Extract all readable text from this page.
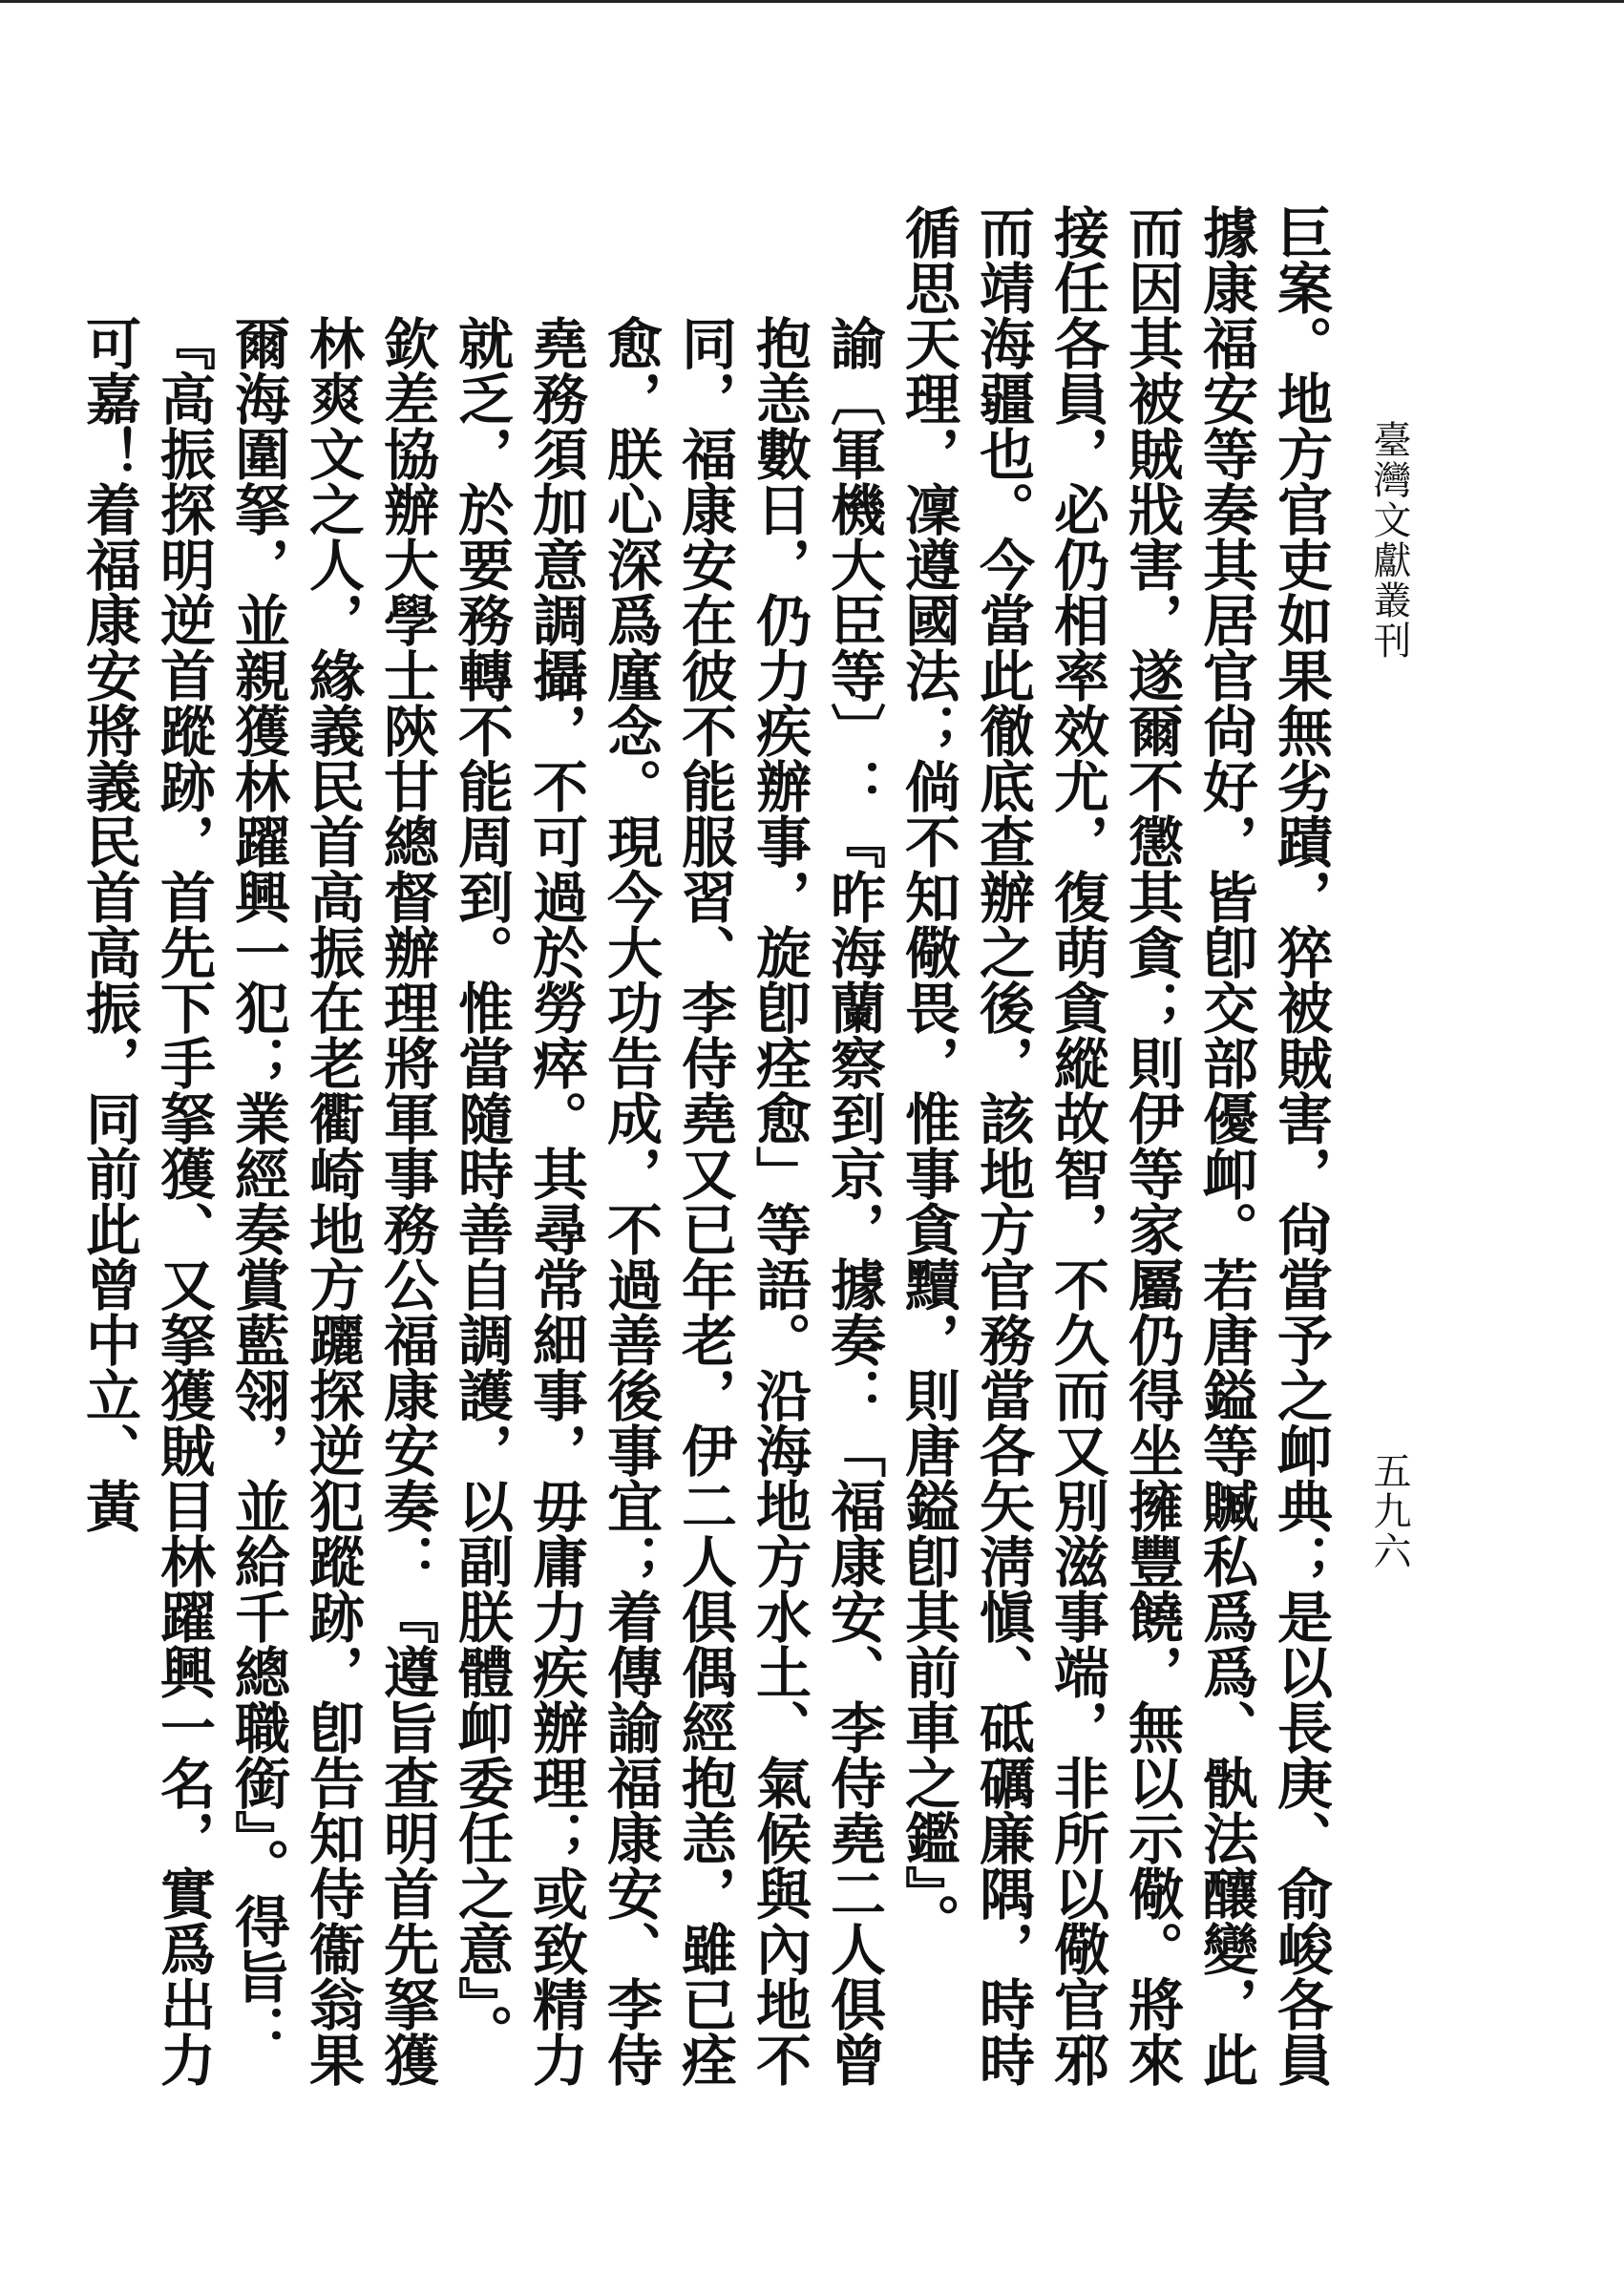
臺灣文獻叢刊
五九六

巨案。地方官吏如果無劣蹟，猝被賊害，尙當予之卹典；是以長庚、俞峻各員據康福安等奏其居官尙好，皆卽交部優卹。若唐鎰等贓私爲爲、骫法釀變，此而因其被賊戕害，遂爾不懲其貪；則伊等家屬仍得坐擁豐饒，無以示儆。將來接任各員，必仍相率效尤，復萌貪縱故智，不久而又別滋事端，非所以儆官邪而靖海疆也。今當此徹底查辦之後，該地方官務當各矢淸愼、砥礪廉隅，時時循思天理，凜遵國法；倘不知儆畏，惟事貪黷，則唐鎰卽其前車之鑑』。

諭〔軍機大臣等〕：『昨海蘭察到京，據奏：「福康安、李侍堯二人俱曾抱恙數日，仍力疾辦事，旋卽痊愈」等語。沿海地方水土、氣候與內地不同，福康安在彼不能服習、李侍堯又已年老，伊二人俱偶經抱恙，雖已痊愈，朕心深爲廑念。現今大功告成，不過善後事宜；着傳諭福康安、李侍堯務須加意調攝，不可過於勞瘁。其尋常細事，毋庸力疾辦理；或致精力就乏，於要務轉不能周到。惟當隨時善自調護，以副朕體卹委任之意』。

欽差協辦大學士陝甘總督辦理將軍事務公福康安奏：『遵旨查明首先拏獲林爽文之人，緣義民首高振在老衢崎地方躧探逆犯蹤跡，卽告知侍衞翁果爾海圍拏，並親獲林躍興一犯；業經奏賞藍翎，並給千總職銜』。得旨：『高振探明逆首蹤跡，首先下手拏獲、又拏獲賊目林躍興一名，實爲出力可嘉！着福康安將義民首高振，同前此曾中立、黃
